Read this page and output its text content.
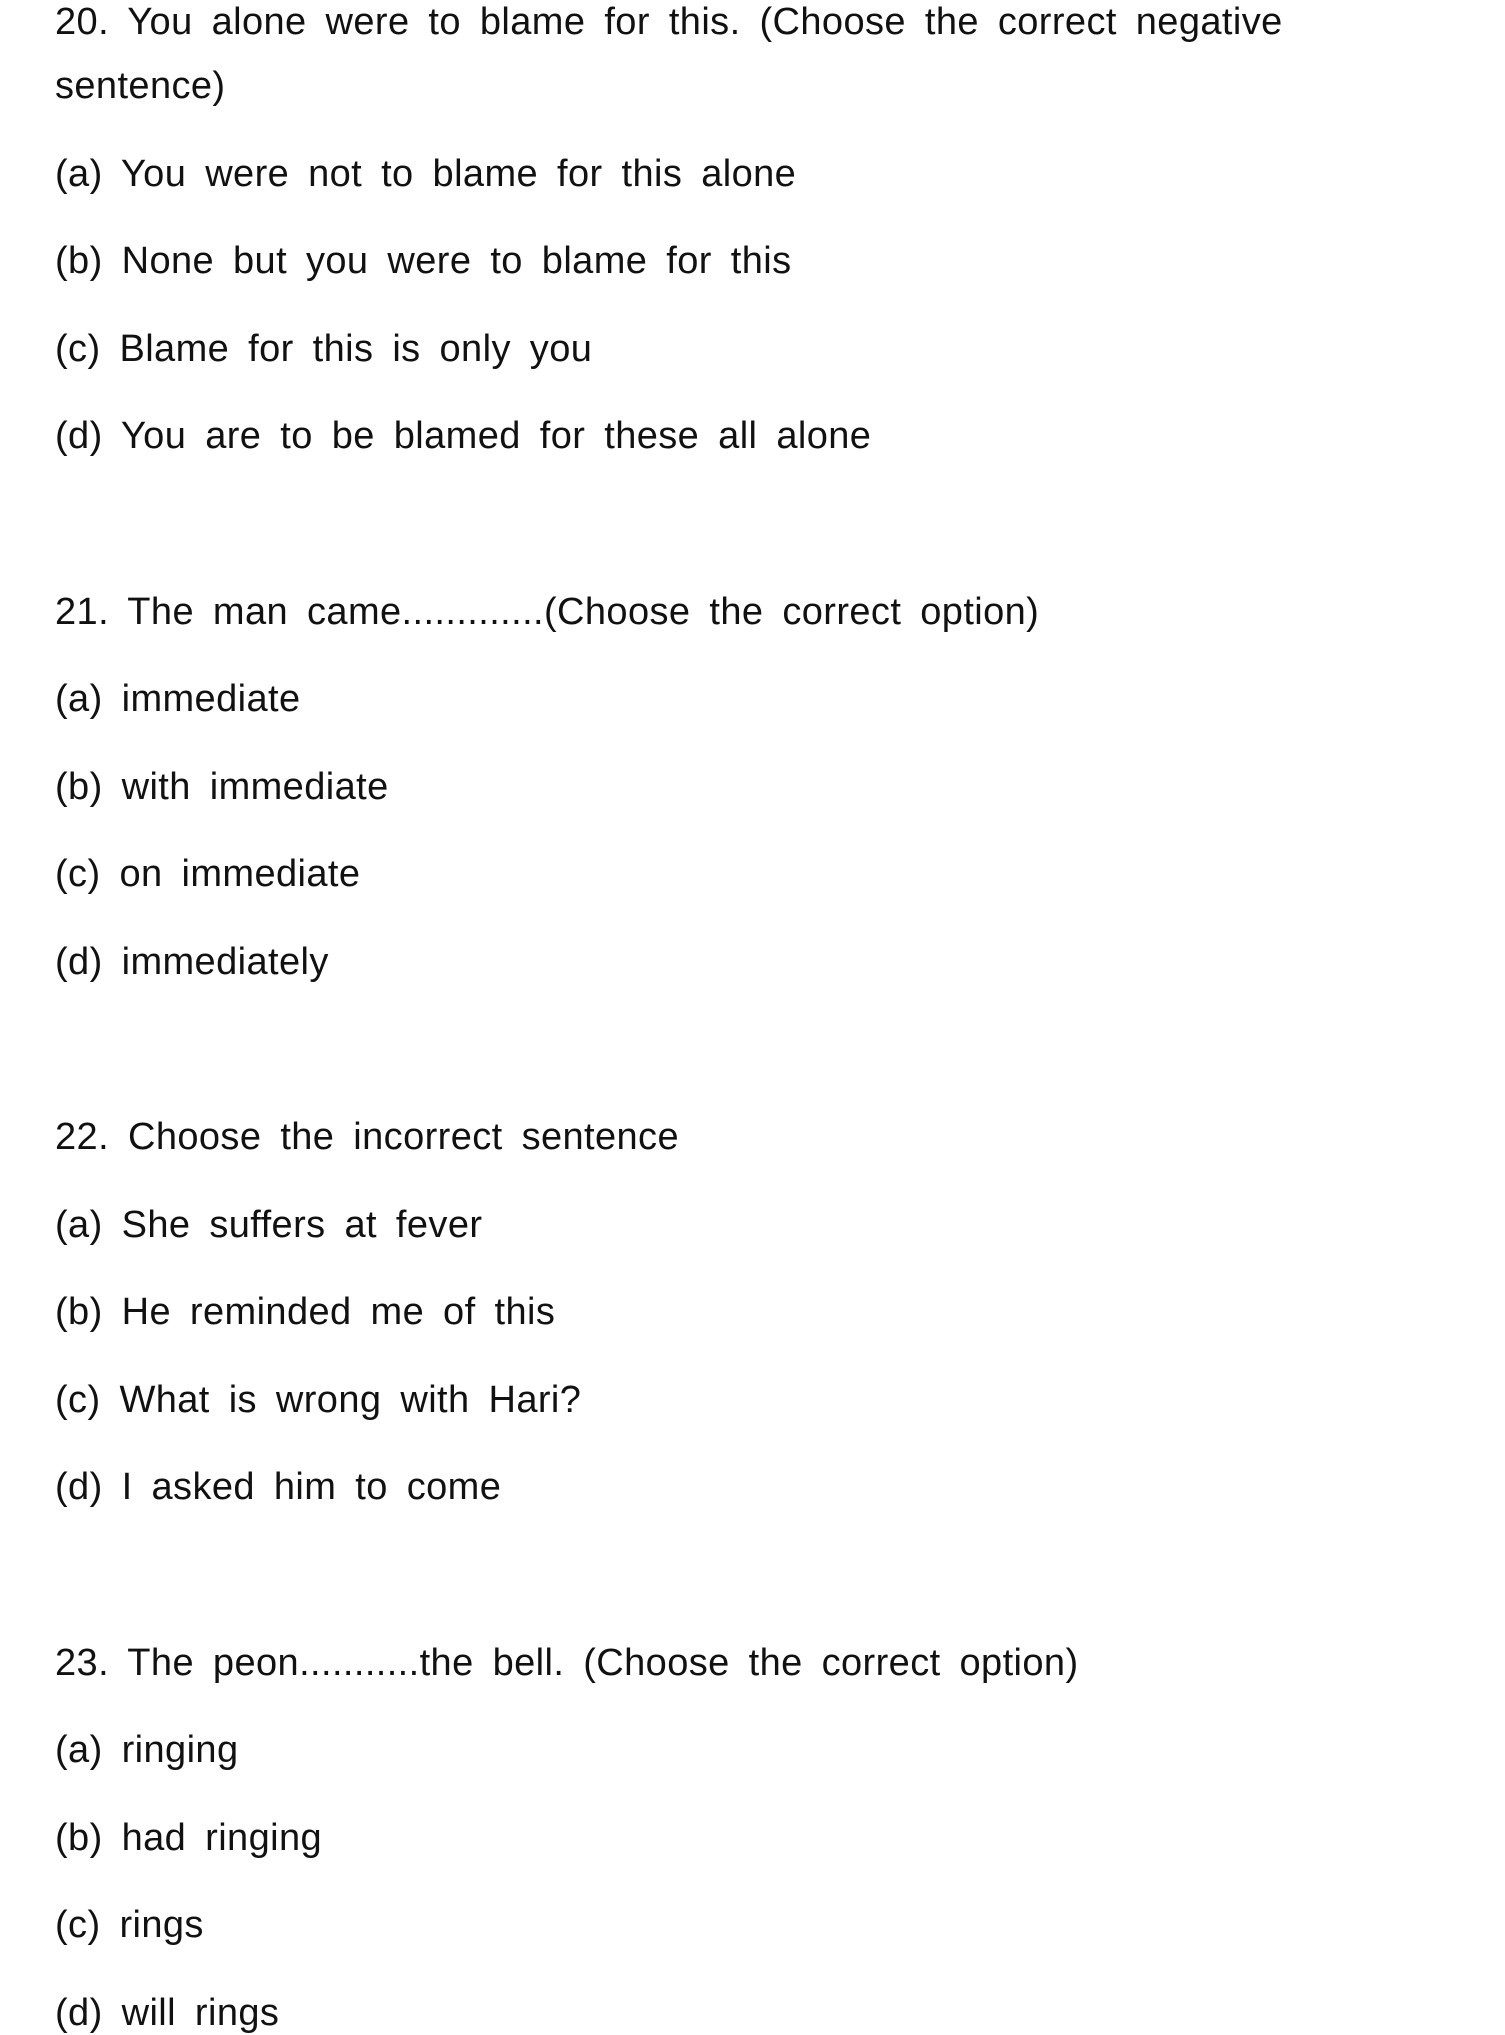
20. You alone were to blame for this. (Choose the correct negative
sentence)
(a) You were not to blame for this alone
(b) None but you were to blame for this
(c) Blame for this is only you
(d) You are to be blamed for these all alone
21. The man came.............(Choose the correct option)
(a) immediate
(b) with immediate
(c) on immediate
(d) immediately
22. Choose the incorrect sentence
(a) She suffers at fever
(b) He reminded me of this
(c) What is wrong with Hari?
(d) I asked him to come
23. The peon...........the bell. (Choose the correct option)
(a) ringing
(b) had ringing
(c) rings
(d) will rings
